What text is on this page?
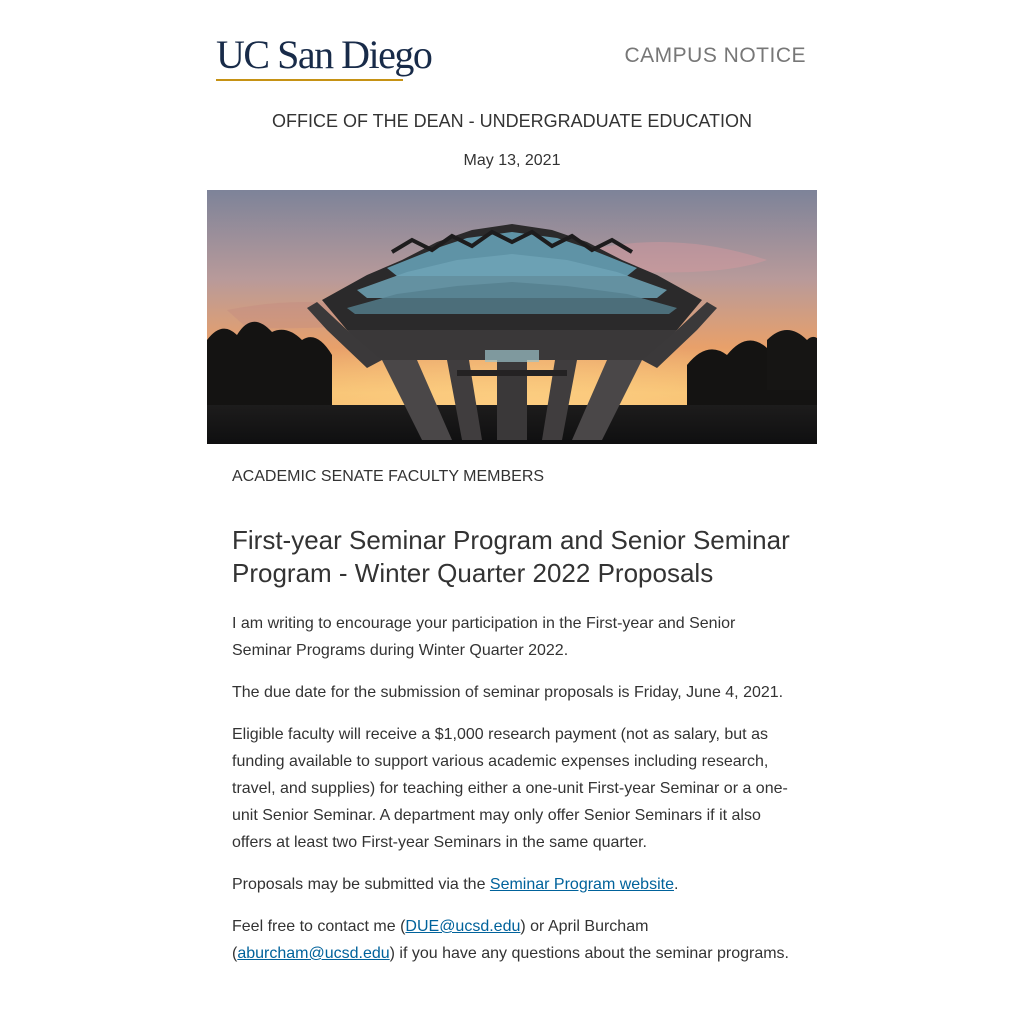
UC San Diego	CAMPUS NOTICE
OFFICE OF THE DEAN - UNDERGRADUATE EDUCATION
May 13, 2021

ACADEMIC SENATE FACULTY MEMBERS

First-year Seminar Program and Senior Seminar Program - Winter Quarter 2022 Proposals

I am writing to encourage your participation in the First-year and Senior Seminar Programs during Winter Quarter 2022.

The due date for the submission of seminar proposals is Friday, June 4, 2021.

Eligible faculty will receive a $1,000 research payment (not as salary, but as funding available to support various academic expenses including research, travel, and supplies) for teaching either a one-unit First-year Seminar or a one-unit Senior Seminar. A department may only offer Senior Seminars if it also offers at least two First-year Seminars in the same quarter.

Proposals may be submitted via the Seminar Program website.

Feel free to contact me (DUE@ucsd.edu) or April Burcham (aburcham@ucsd.edu) if you have any questions about the seminar programs.
